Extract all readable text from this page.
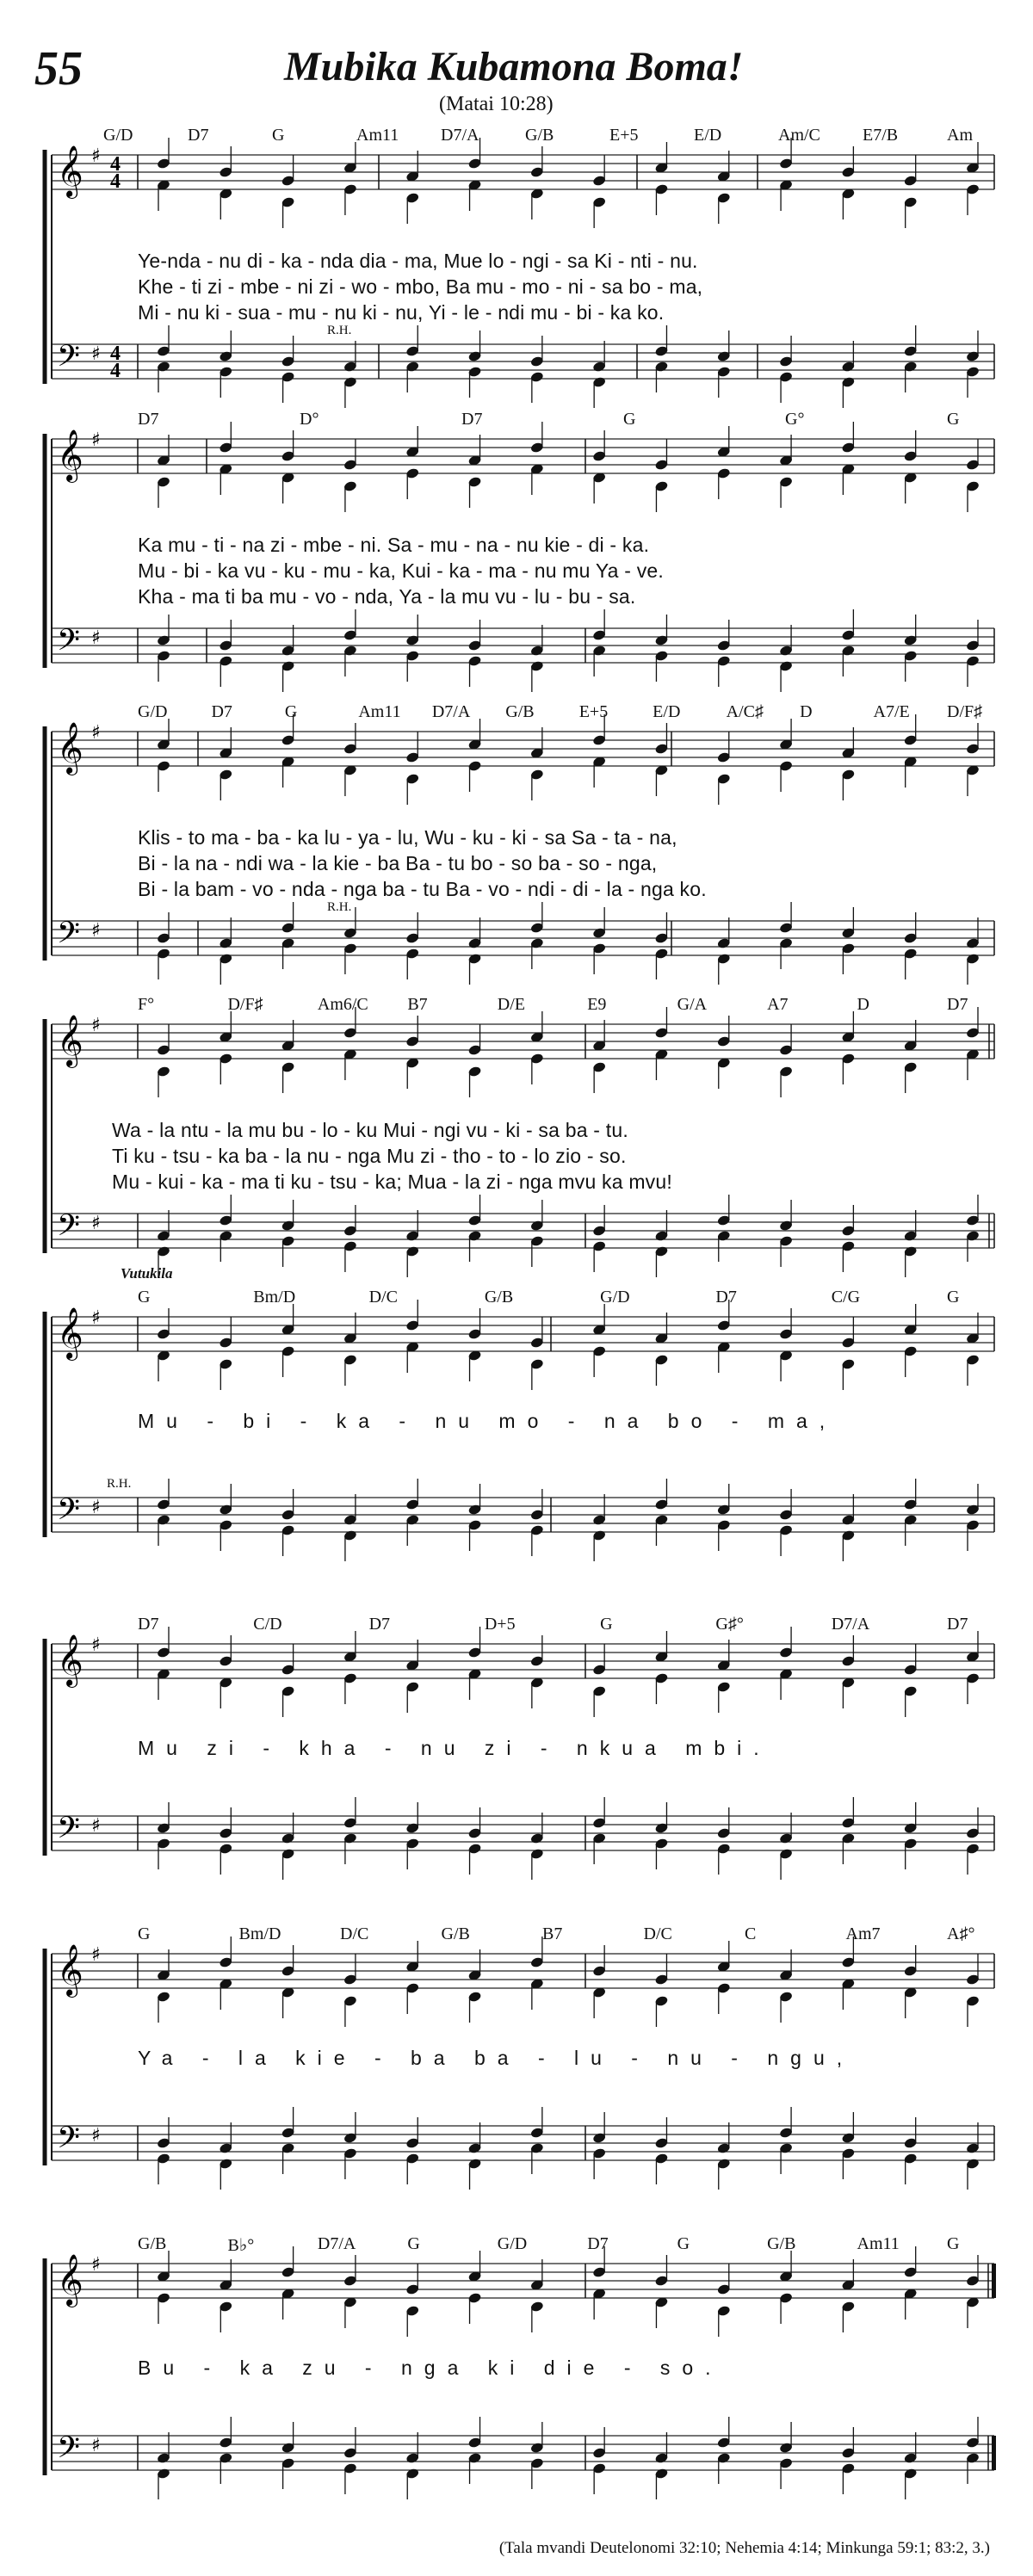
55	Mubika Kubamona Boma!
(Matai 10:28)
𝄞
𝄢
♯
♯
4
4
4
4
G/D	D7	G	Am11 D7/A	G/B	E+5	E/D	Am/C E7/B	Am
Ye-nda - nu di - ka - nda dia - ma, Mue lo - ngi - sa Ki - nti - nu.
Khe - ti zi - mbe - ni zi - wo - mbo, Ba mu - mo - ni - sa bo - ma,
Mi - nu ki - sua - mu - nu ki - nu, Yi - le - ndi mu - bi - ka ko.
R.H.
𝄞
𝄢
♯
♯
D7	D°	D7	G	G°	G
Ka mu - ti - na zi - mbe - ni. Sa - mu - na - nu kie - di - ka.
Mu - bi - ka vu - ku - mu - ka, Kui - ka - ma - nu mu Ya - ve.
Kha - ma ti ba mu - vo - nda, Ya - la mu vu - lu - bu - sa.
𝄞
𝄢
♯
♯
G/D	D7	G	Am11 D7/A G/B	E+5	E/D	A/C♯ D	A7/E D/F♯
Klis - to ma - ba - ka lu - ya - lu, Wu - ku - ki - sa Sa - ta - na,
Bi - la na - ndi wa - la kie - ba Ba - tu bo - so ba - so - nga,
Bi - la bam - vo - nda - nga ba - tu Ba - vo - ndi - di - la - nga ko.
R.H.
𝄞
𝄢
♯
♯
F°	D/F♯	Am6/C B7	D/E	E9	G/A	A7	D	D7
Wa - la ntu - la mu bu - lo - ku Mui - ngi vu - ki - sa ba - tu.
Ti ku - tsu - ka ba - la nu - nga Mu zi - tho - to - lo zio - so.
Mu - kui - ka - ma ti ku - tsu - ka; Mua - la zi - nga mvu ka mvu!
𝄞
𝄢
♯
♯
G	Bm/D	D/C	G/B	G/D	D7	C/G	G
Mu - bi - ka - nu mo - na bo - ma,
R.H.
Vutukila
𝄞
𝄢
♯
♯
D7	C/D	D7	D+5	G	G♯°	D7/A	D7
Mu zi - kha - nu zi - nkua mbi.
𝄞
𝄢
♯
♯
G	Bm/D	D/C	G/B	B7	D/C	C	Am7	A♯°
Ya - la kie - ba ba - lu - nu - ngu,
𝄞
𝄢
♯
♯
G/B	B♭°	D7/A	G	G/D	D7	G	G/B	Am11	G
Bu - ka zu - nga ki die - so.
(Tala mvandi Deutelonomi 32:10; Nehemia 4:14; Minkunga 59:1; 83:2, 3.)
